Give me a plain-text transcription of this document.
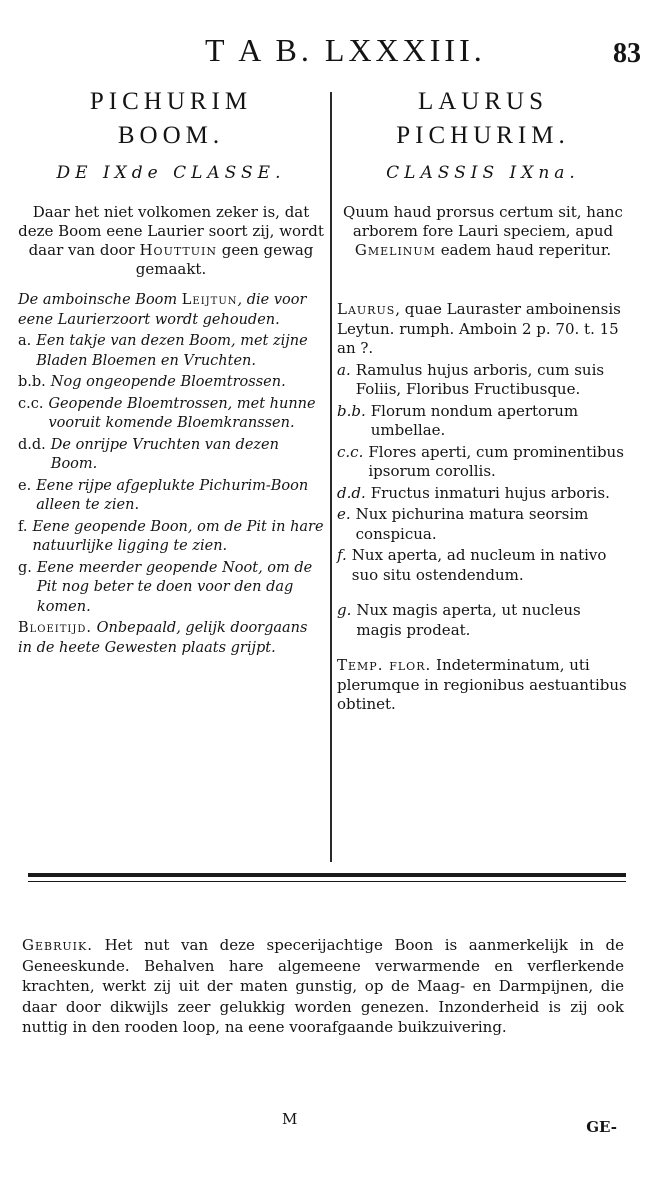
T A B. LXXXIII.	83
PICHURIM
BOOM.
DE IXde CLASSE.
Daar het niet volkomen zeker is, dat deze Boom eene Laurier soort zij, wordt daar van door Houttuin geen gewag gemaakt.
De amboinsche Boom Leijtun, die voor eene Laurierzoort wordt gehouden.
a. Een takje van dezen Boom, met zijne Bladen Bloemen en Vruchten.
b.b. Nog ongeopende Bloemtrossen.
c.c. Geopende Bloemtrossen, met hunne vooruit komende Bloemkranssen.
d.d. De onrijpe Vruchten van dezen Boom.
e. Eene rijpe afgeplukte Pichurim-Boon alleen te zien.
f. Eene geopende Boon, om de Pit in hare natuurlijke ligging te zien.
g. Eene meerder geopende Noot, om de Pit nog beter te doen voor den dag komen.
Bloeitijd. Onbepaald, gelijk doorgaans in de heete Gewesten plaats grijpt.
LAURUS
PICHURIM.
CLASSIS IXna.
Quum haud prorsus certum sit, hanc arborem fore Lauri speciem, apud Gmelinum eadem haud reperitur.
Laurus, quae Lauraster amboinensis Leytun. rumph. Amboin 2 p. 70. t. 15 an ?.
a. Ramulus hujus arboris, cum suis Foliis, Floribus Fructibusque.
b.b. Florum nondum apertorum umbellae.
c.c. Flores aperti, cum prominentibus ipsorum corollis.
d.d. Fructus inmaturi hujus arboris.
e. Nux pichurina matura seorsim conspicua.
f. Nux aperta, ad nucleum in nativo suo situ ostendendum.
g. Nux magis aperta, ut nucleus magis prodeat.
Temp. flor. Indeterminatum, uti plerumque in regionibus aestuantibus obtinet.
Gebruik. Het nut van deze specerijachtige Boon is aanmerkelijk in de Geneeskunde. Behalven hare algemeene verwarmende en verflerkende krachten, werkt zij uit der maten gunstig, op de Maag- en Darmpijnen, die daar door dikwijls zeer gelukkig worden genezen. Inzonderheid is zij ook nuttig in den rooden loop, na eene voorafgaande buikzuivering.
M	GE-
